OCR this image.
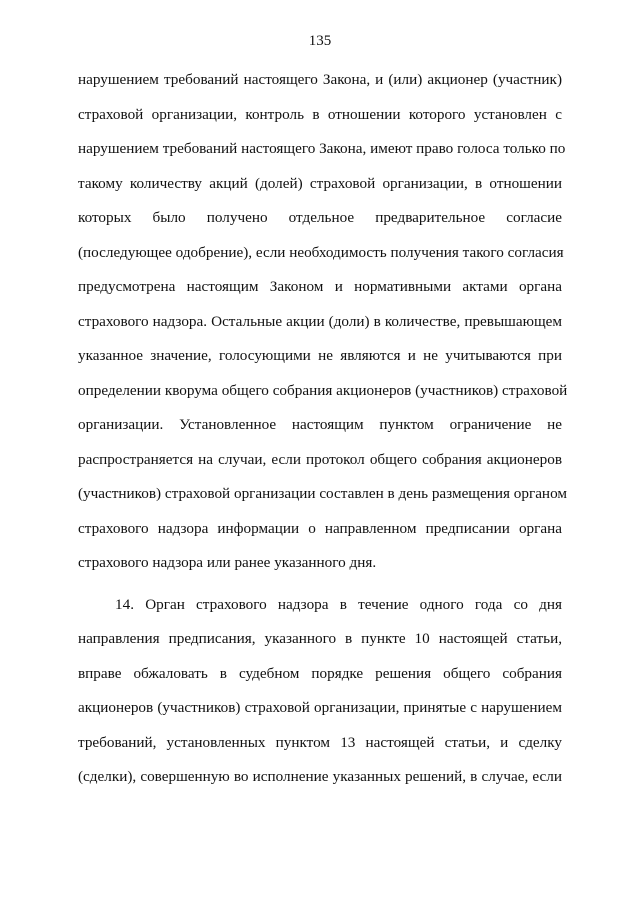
135
нарушением требований настоящего Закона, и (или) акционер (участник)
страховой организации, контроль в отношении которого установлен с
нарушением требований настоящего Закона, имеют право голоса только по
такому количеству акций (долей) страховой организации, в отношении
которых было получено отдельное предварительное согласие
(последующее одобрение), если необходимость получения такого согласия
предусмотрена настоящим Законом и нормативными актами органа
страхового надзора. Остальные акции (доли) в количестве, превышающем
указанное значение, голосующими не являются и не учитываются при
определении кворума общего собрания акционеров (участников) страховой
организации. Установленное настоящим пунктом ограничение не
распространяется на случаи, если протокол общего собрания акционеров
(участников) страховой организации составлен в день размещения органом
страхового надзора информации о направленном предписании органа
страхового надзора или ранее указанного дня.
14. Орган страхового надзора в течение одного года со дня
направления предписания, указанного в пункте 10 настоящей статьи,
вправе обжаловать в судебном порядке решения общего собрания
акционеров (участников) страховой организации, принятые с нарушением
требований, установленных пунктом 13 настоящей статьи, и сделку
(сделки), совершенную во исполнение указанных решений, в случае, если
